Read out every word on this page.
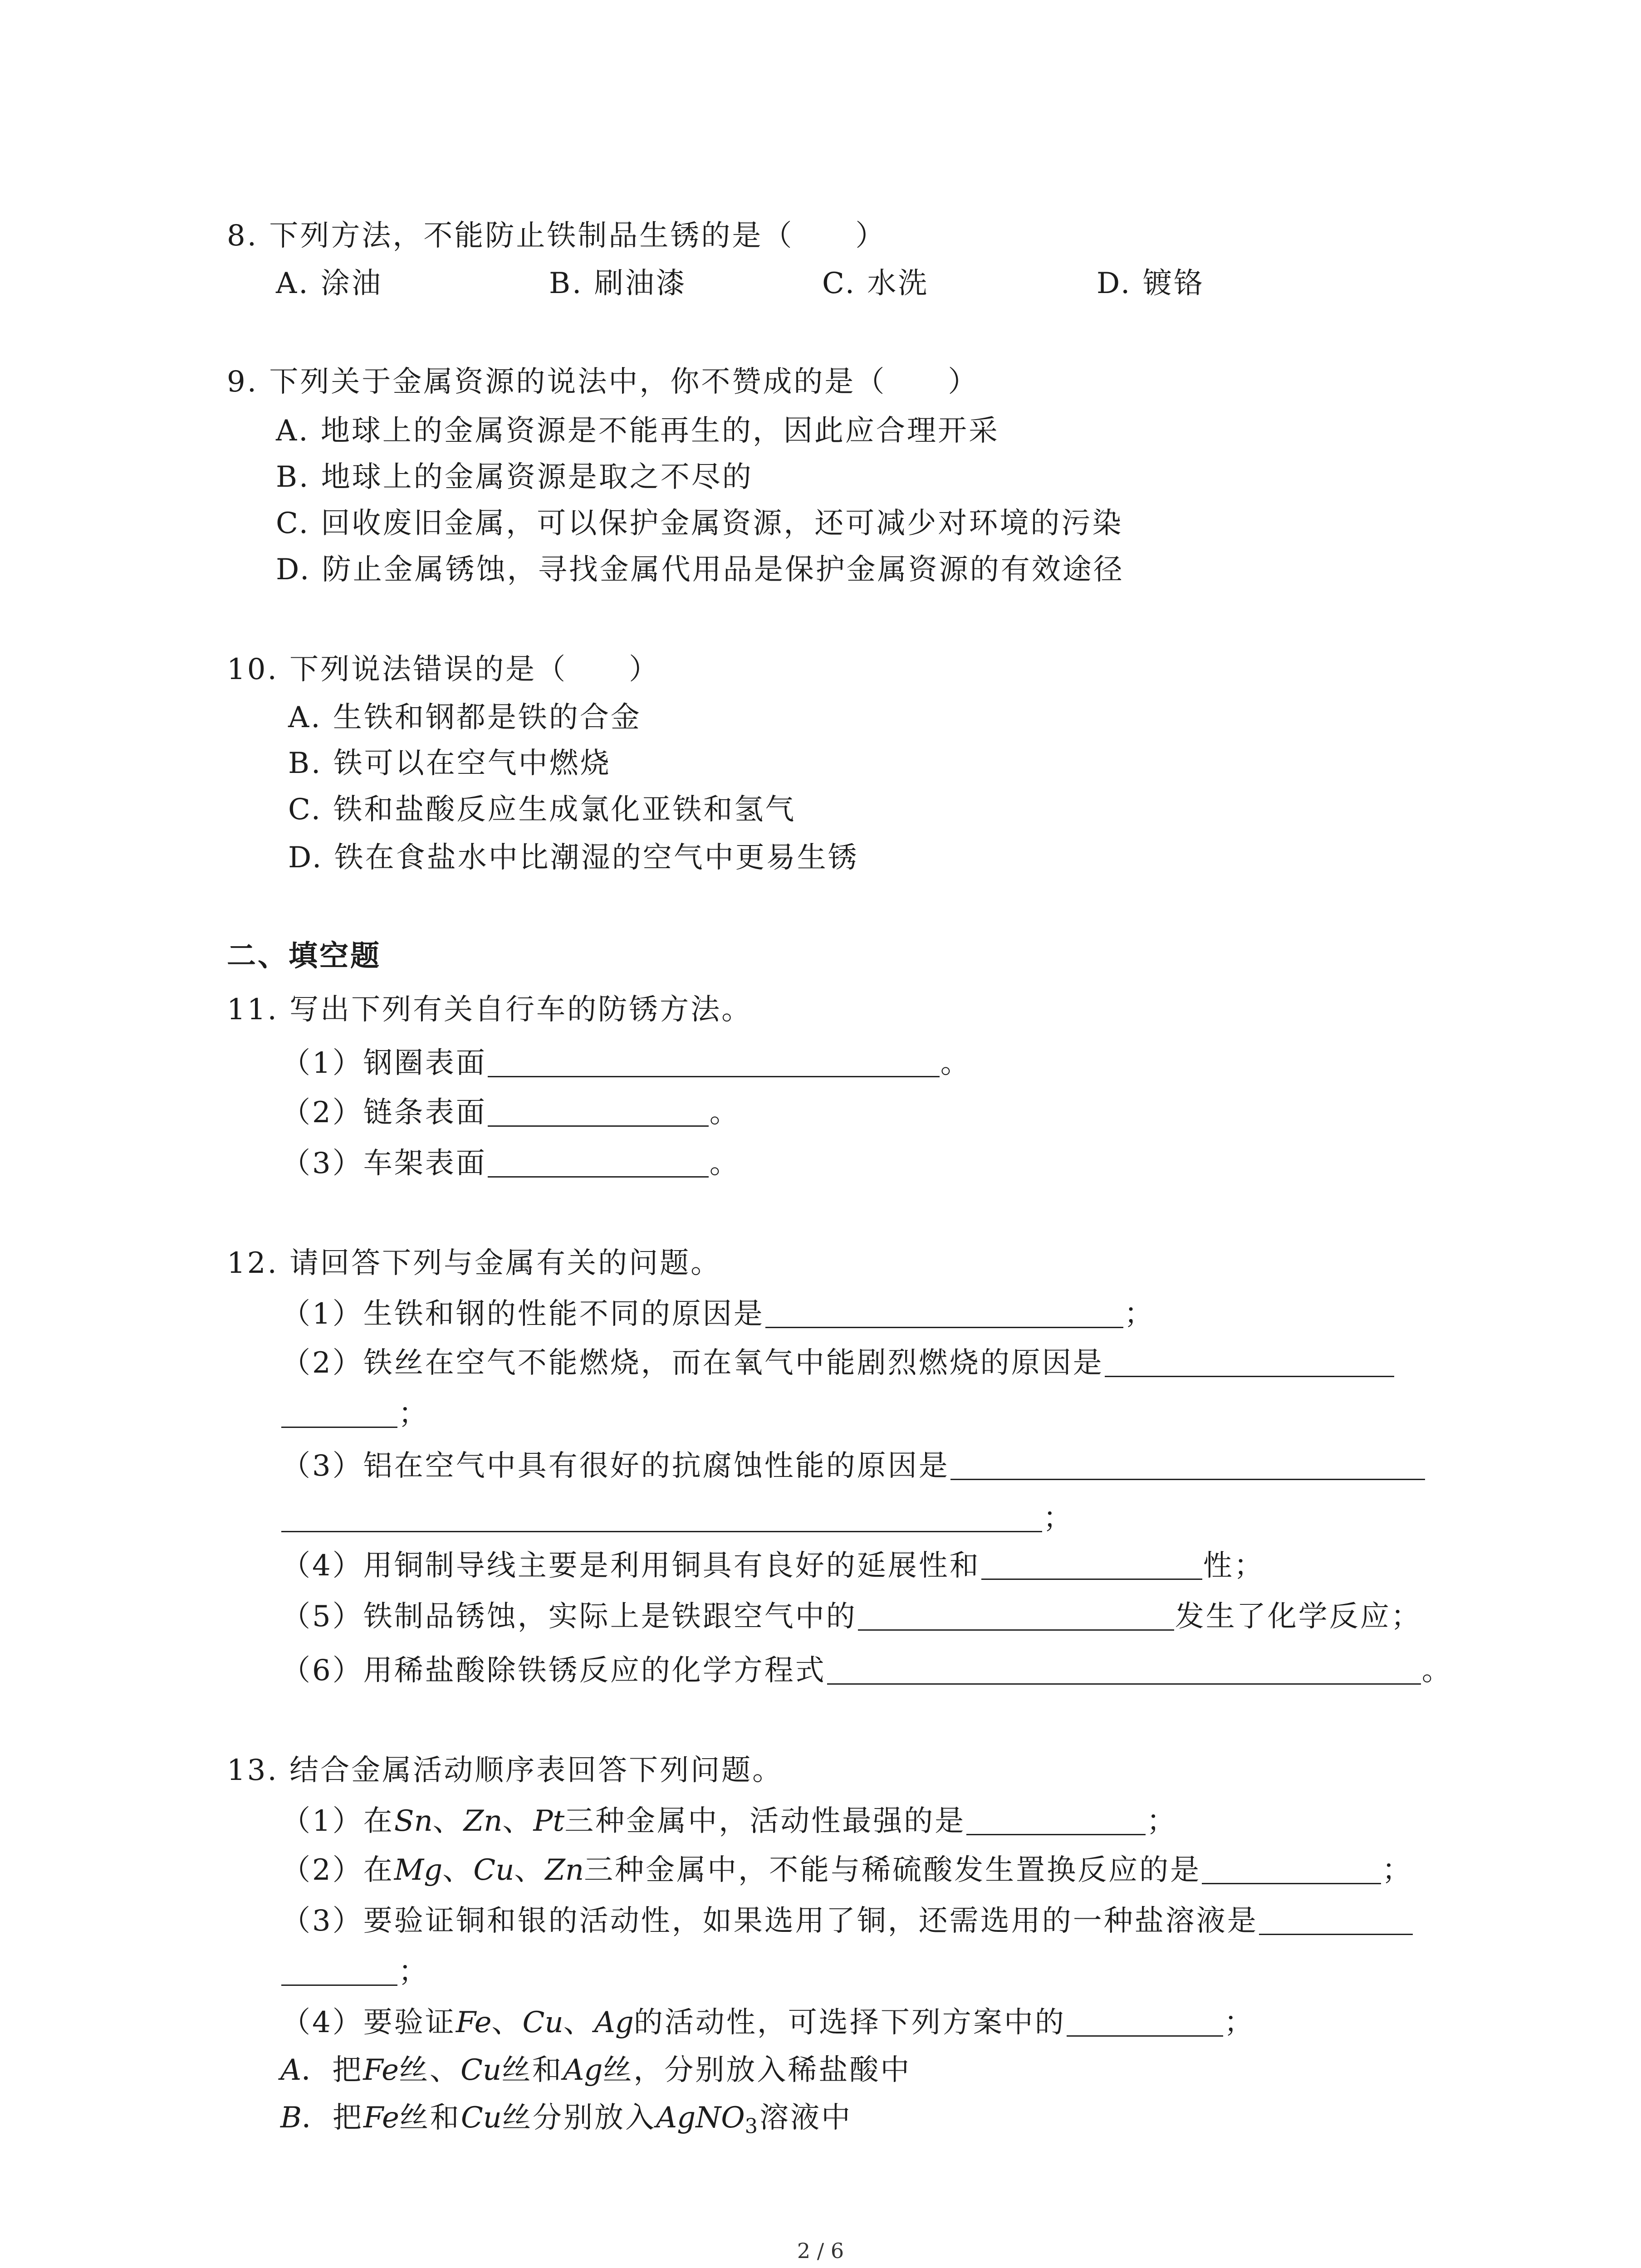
8. 下列方法，不能防止铁制品生锈的是（　　）
A. 涂油	B. 刷油漆	C. 水洗	D. 镀铬
9. 下列关于金属资源的说法中，你不赞成的是（　　）
A. 地球上的金属资源是不能再生的，因此应合理开采
B. 地球上的金属资源是取之不尽的
C. 回收废旧金属，可以保护金属资源，还可减少对环境的污染
D. 防止金属锈蚀，寻找金属代用品是保护金属资源的有效途径
10. 下列说法错误的是（　　）
A. 生铁和钢都是铁的合金
B. 铁可以在空气中燃烧
C. 铁和盐酸反应生成氯化亚铁和氢气
D. 铁在食盐水中比潮湿的空气中更易生锈
二、填空题
11. 写出下列有关自行车的防锈方法。
（1）钢圈表面	。
（2）链条表面	。
（3）车架表面	。
12. 请回答下列与金属有关的问题。
（1）生铁和钢的性能不同的原因是	；
（2）铁丝在空气不能燃烧，而在氧气中能剧烈燃烧的原因是
；
（3）铝在空气中具有很好的抗腐蚀性能的原因是
；
（4）用铜制导线主要是利用铜具有良好的延展性和	性；
（5）铁制品锈蚀，实际上是铁跟空气中的	发生了化学反应；
（6）用稀盐酸除铁锈反应的化学方程式	。
13. 结合金属活动顺序表回答下列问题。
（1）在Sn、Zn、Pt三种金属中，活动性最强的是	；
（2）在Mg、Cu、Zn三种金属中，不能与稀硫酸发生置换反应的是	；
（3）要验证铜和银的活动性，如果选用了铜，还需选用的一种盐溶液是
；
（4）要验证Fe、Cu、Ag的活动性，可选择下列方案中的	；
A．把Fe丝、Cu丝和Ag丝，分别放入稀盐酸中
B．把Fe丝和Cu丝分别放入AgNO$_3$溶液中
2 / 6
